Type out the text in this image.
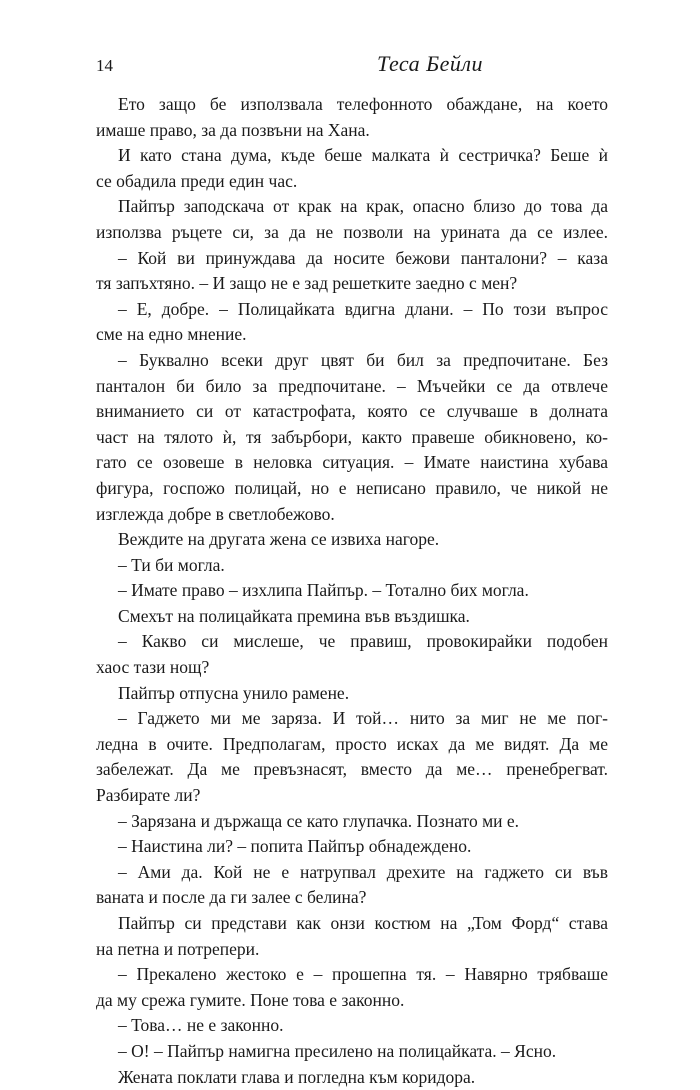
14	Теса Бейли
Ето защо бе използвала телефонното обаждане, на което
имаше право, за да позвъни на Хана.
И като стана дума, къде беше малката ѝ сестричка? Беше ѝ
се обадила преди един час.
Пайпър заподскача от крак на крак, опасно близо до това да
използва ръцете си, за да не позволи на урината да се излее.
– Кой ви принуждава да носите бежови панталони? – каза
тя запъхтяно. – И защо не е зад решетките заедно с мен?
– Е, добре. – Полицайката вдигна длани. – По този въпрос
сме на едно мнение.
– Буквално всеки друг цвят би бил за предпочитане. Без
панталон би било за предпочитане. – Мъчейки се да отвлече
вниманието си от катастрофата, която се случваше в долната
част на тялото ѝ, тя забърбори, както правеше обикновено, ко-
гато се озовеше в неловка ситуация. – Имате наистина хубава
фигура, госпожо полицай, но е неписано правило, че никой не
изглежда добре в светлобежово.
Веждите на другата жена се извиха нагоре.
– Ти би могла.
– Имате право – изхлипа Пайпър. – Тотално бих могла.
Смехът на полицайката премина във въздишка.
– Какво си мислеше, че правиш, провокирайки подобен
хаос тази нощ?
Пайпър отпусна унило рамене.
– Гаджето ми ме заряза. И той… нито за миг не ме пог-
ледна в очите. Предполагам, просто исках да ме видят. Да ме
забележат. Да ме превъзнасят, вместо да ме… пренебрегват.
Разбирате ли?
– Зарязана и държаща се като глупачка. Познато ми е.
– Наистина ли? – попита Пайпър обнадеждено.
– Ами да. Кой не е натрупвал дрехите на гаджето си във
ваната и после да ги залее с белина?
Пайпър си представи как онзи костюм на „Том Форд“ става
на петна и потрепери.
– Прекалено жестоко е – прошепна тя. – Навярно трябваше
да му срежа гумите. Поне това е законно.
– Това… не е законно.
– О! – Пайпър намигна пресилено на полицайката. – Ясно.
Жената поклати глава и погледна към коридора.
